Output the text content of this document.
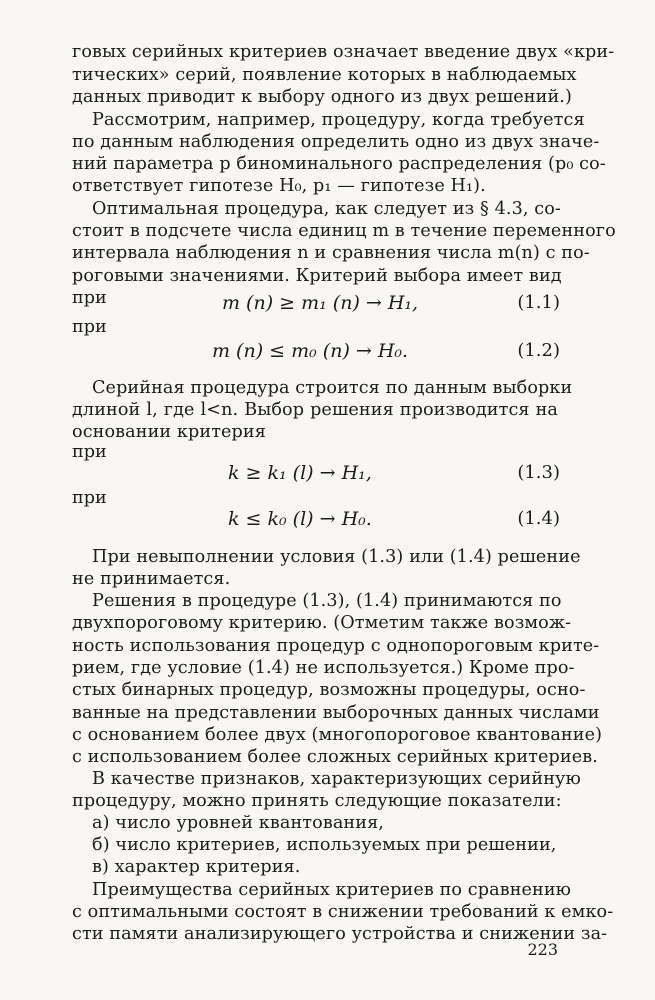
говых серийных критериев означает введение двух «кри-
тических» серий, появление которых в наблюдаемых
данных приводит к выбору одного из двух решений.)
Рассмотрим, например, процедуру, когда требуется
по данным наблюдения определить одно из двух значе-
ний параметра p биноминального распределения (p₀ со-
ответствует гипотезе H₀, p₁ — гипотезе H₁).
Оптимальная процедура, как следует из § 4.3, со-
стоит в подсчете числа единиц m в течение переменного
интервала наблюдения n и сравнения числа m(n) с по-
роговыми значениями. Критерий выбора имеет вид
при	m (n) ≥ m₁ (n) → H₁,	(1.1)
при
m (n) ≤ m₀ (n) → H₀.	(1.2)
Серийная процедура строится по данным выборки
длиной l, где l<n. Выбор решения производится на
основании критерия
при
k ≥ k₁ (l) → H₁,	(1.3)
при
k ≤ k₀ (l) → H₀.	(1.4)
При невыполнении условия (1.3) или (1.4) решение
не принимается.
Решения в процедуре (1.3), (1.4) принимаются по
двухпороговому критерию. (Отметим также возмож-
ность использования процедур с однопороговым крите-
рием, где условие (1.4) не используется.) Кроме про-
стых бинарных процедур, возможны процедуры, осно-
ванные на представлении выборочных данных числами
с основанием более двух (многопороговое квантование)
с использованием более сложных серийных критериев.
В качестве признаков, характеризующих серийную
процедуру, можно принять следующие показатели:
а) число уровней квантования,
б) число критериев, используемых при решении,
в) характер критерия.
Преимущества серийных критериев по сравнению
с оптимальными состоят в снижении требований к емко-
сти памяти анализирующего устройства и снижении за-
223
